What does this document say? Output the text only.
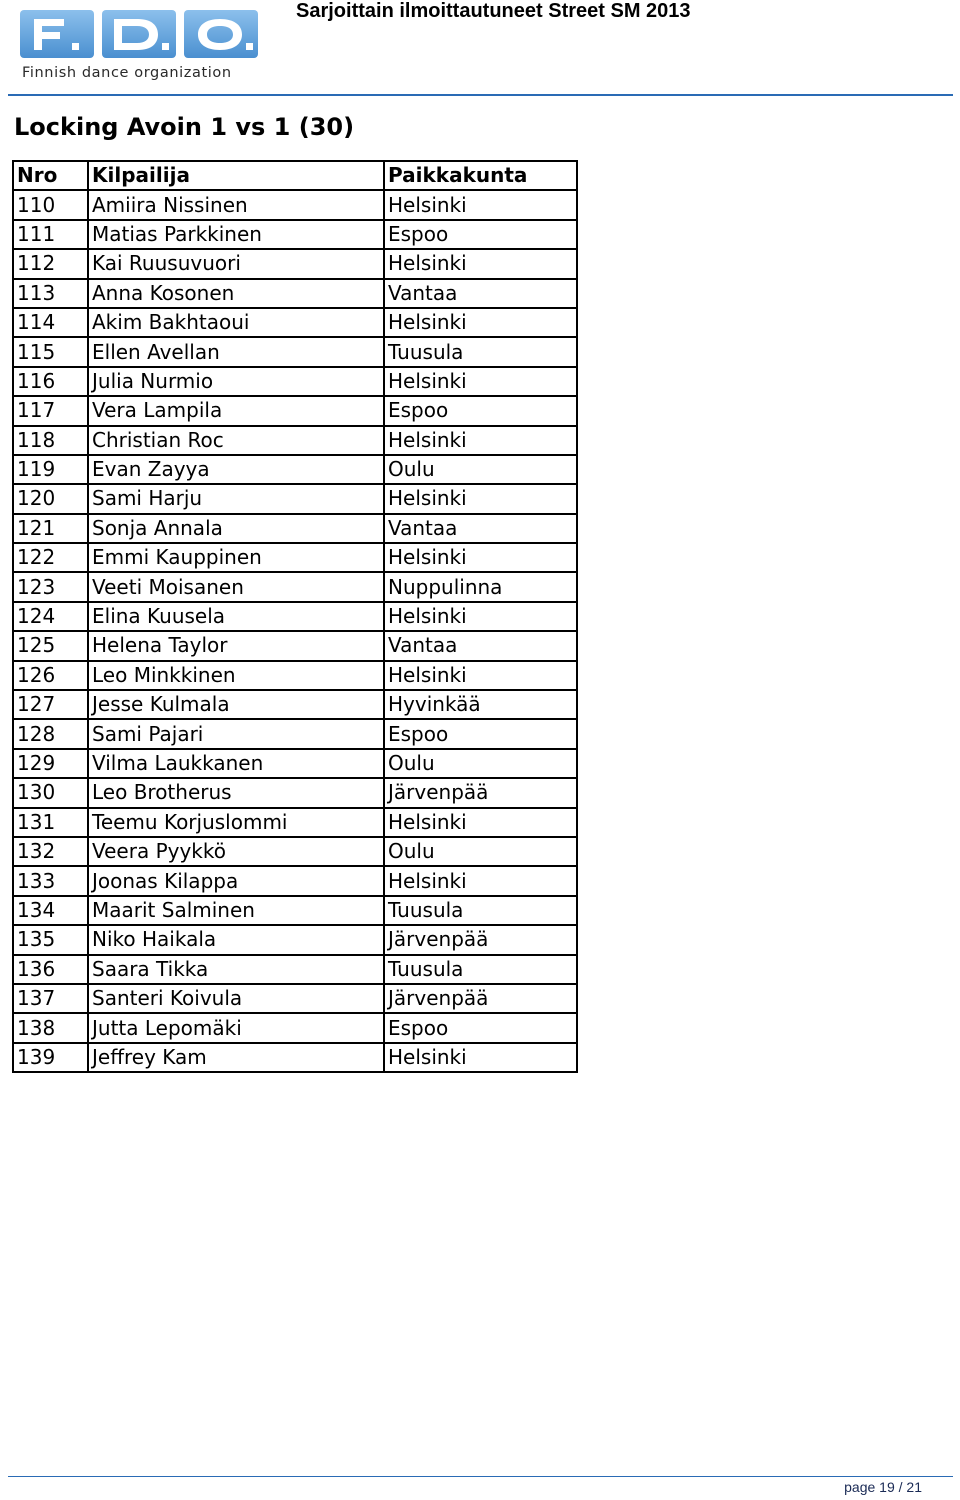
Finnish dance organization
Sarjoittain ilmoittautuneet Street SM 2013
Locking Avoin 1 vs 1 (30)
Nro	Kilpailija	Paikkakunta
110	Amiira Nissinen	Helsinki
111	Matias Parkkinen	Espoo
112	Kai Ruusuvuori	Helsinki
113	Anna Kosonen	Vantaa
114	Akim Bakhtaoui	Helsinki
115	Ellen Avellan	Tuusula
116	Julia Nurmio	Helsinki
117	Vera Lampila	Espoo
118	Christian Roc	Helsinki
119	Evan Zayya	Oulu
120	Sami Harju	Helsinki
121	Sonja Annala	Vantaa
122	Emmi Kauppinen	Helsinki
123	Veeti Moisanen	Nuppulinna
124	Elina Kuusela	Helsinki
125	Helena Taylor	Vantaa
126	Leo Minkkinen	Helsinki
127	Jesse Kulmala	Hyvinkää
128	Sami Pajari	Espoo
129	Vilma Laukkanen	Oulu
130	Leo Brotherus	Järvenpää
131	Teemu Korjuslommi	Helsinki
132	Veera Pyykkö	Oulu
133	Joonas Kilappa	Helsinki
134	Maarit Salminen	Tuusula
135	Niko Haikala	Järvenpää
136	Saara Tikka	Tuusula
137	Santeri Koivula	Järvenpää
138	Jutta Lepomäki	Espoo
139	Jeffrey Kam	Helsinki
page 19 / 21
